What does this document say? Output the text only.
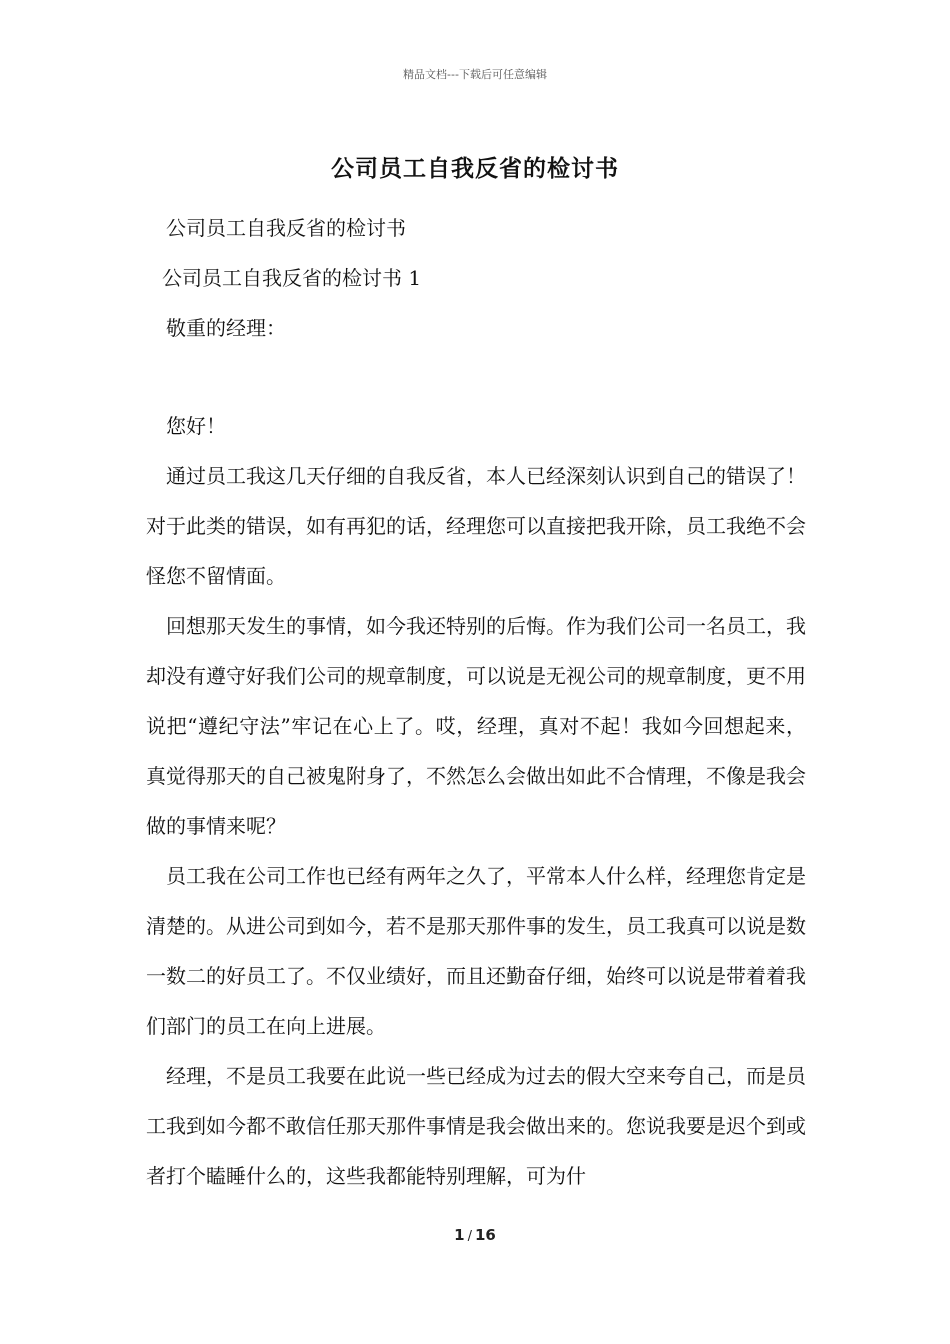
精品文档---下载后可任意编辑
公司员工自我反省的检讨书

公司员工自我反省的检讨书

公司员工自我反省的检讨书 1

敬重的经理：

您好！

通过员工我这几天仔细的自我反省，本人已经深刻认识到自己的错误了！对于此类的错误，如有再犯的话，经理您可以直接把我开除，员工我绝不会怪您不留情面。

回想那天发生的事情，如今我还特别的后悔。作为我们公司一名员工，我却没有遵守好我们公司的规章制度，可以说是无视公司的规章制度，更不用说把“遵纪守法”牢记在心上了。哎，经理，真对不起！我如今回想起来，真觉得那天的自己被鬼附身了，不然怎么会做出如此不合情理，不像是我会做的事情来呢？

员工我在公司工作也已经有两年之久了，平常本人什么样，经理您肯定是清楚的。从进公司到如今，若不是那天那件事的发生，员工我真可以说是数一数二的好员工了。不仅业绩好，而且还勤奋仔细，始终可以说是带着着我们部门的员工在向上进展。

经理，不是员工我要在此说一些已经成为过去的假大空来夸自己，而是员工我到如今都不敢信任那天那件事情是我会做出来的。您说我要是迟个到或者打个瞌睡什么的，这些我都能特别理解，可为什

1 / 16
